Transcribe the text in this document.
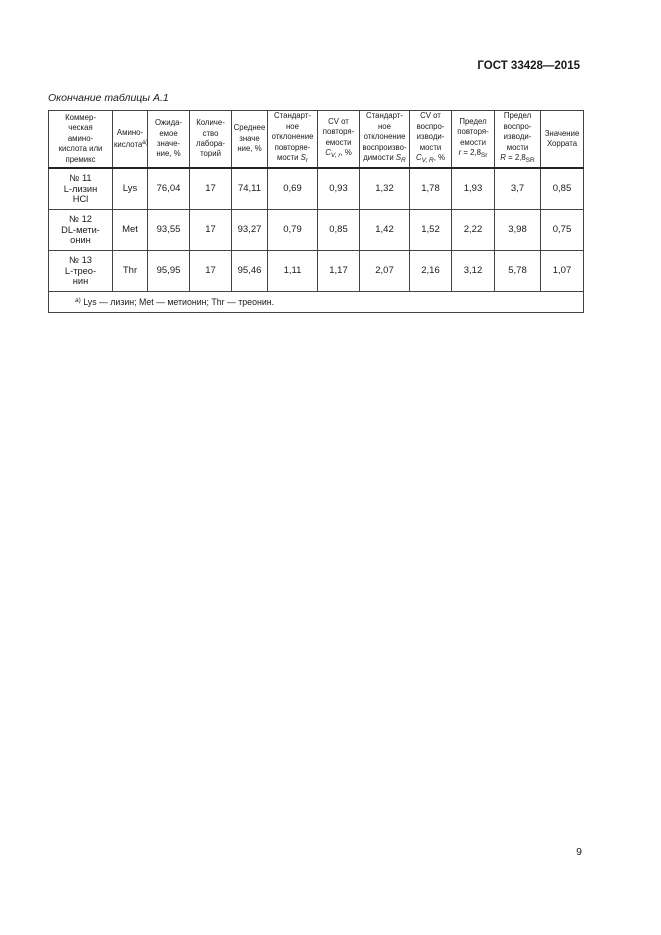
ГОСТ 33428—2015
Окончание таблицы А.1
Коммер-
ческая
амино-
кислота или
премикс	Амино-
кислота$^{а)}$	Ожида-
емое
значе-
ние, %	Количе-
ство
лабора-
торий	Среднее
значе
ние, %	Стандарт-
ное
отклонение
повторяе-
мости $S_r$	CV от
повторя-
емости
$C_{V, r}$, %	Стандарт-
ное
отклонение
воспроизво-
димости $S_R$	CV от
воспро-
изводи-
мости
$C_{V, R}$, %	Предел
повторя-
емости
$r = 2,8_{Sr}$	Предел
воспро-
изводи-
мости
$R = 2,8_{SR}$	Значение
Хоррата
№ 11
L-лизин
HCl	Lys	76,04	17	74,11	0,69	0,93	1,32	1,78	1,93	3,7	0,85
№ 12
DL-мети-
онин	Met	93,55	17	93,27	0,79	0,85	1,42	1,52	2,22	3,98	0,75
№ 13
L-трео-
нин	Thr	95,95	17	95,46	1,11	1,17	2,07	2,16	3,12	5,78	1,07
$^{а)}$ Lys — лизин; Met — метионин; Thr — треонин.											
9
